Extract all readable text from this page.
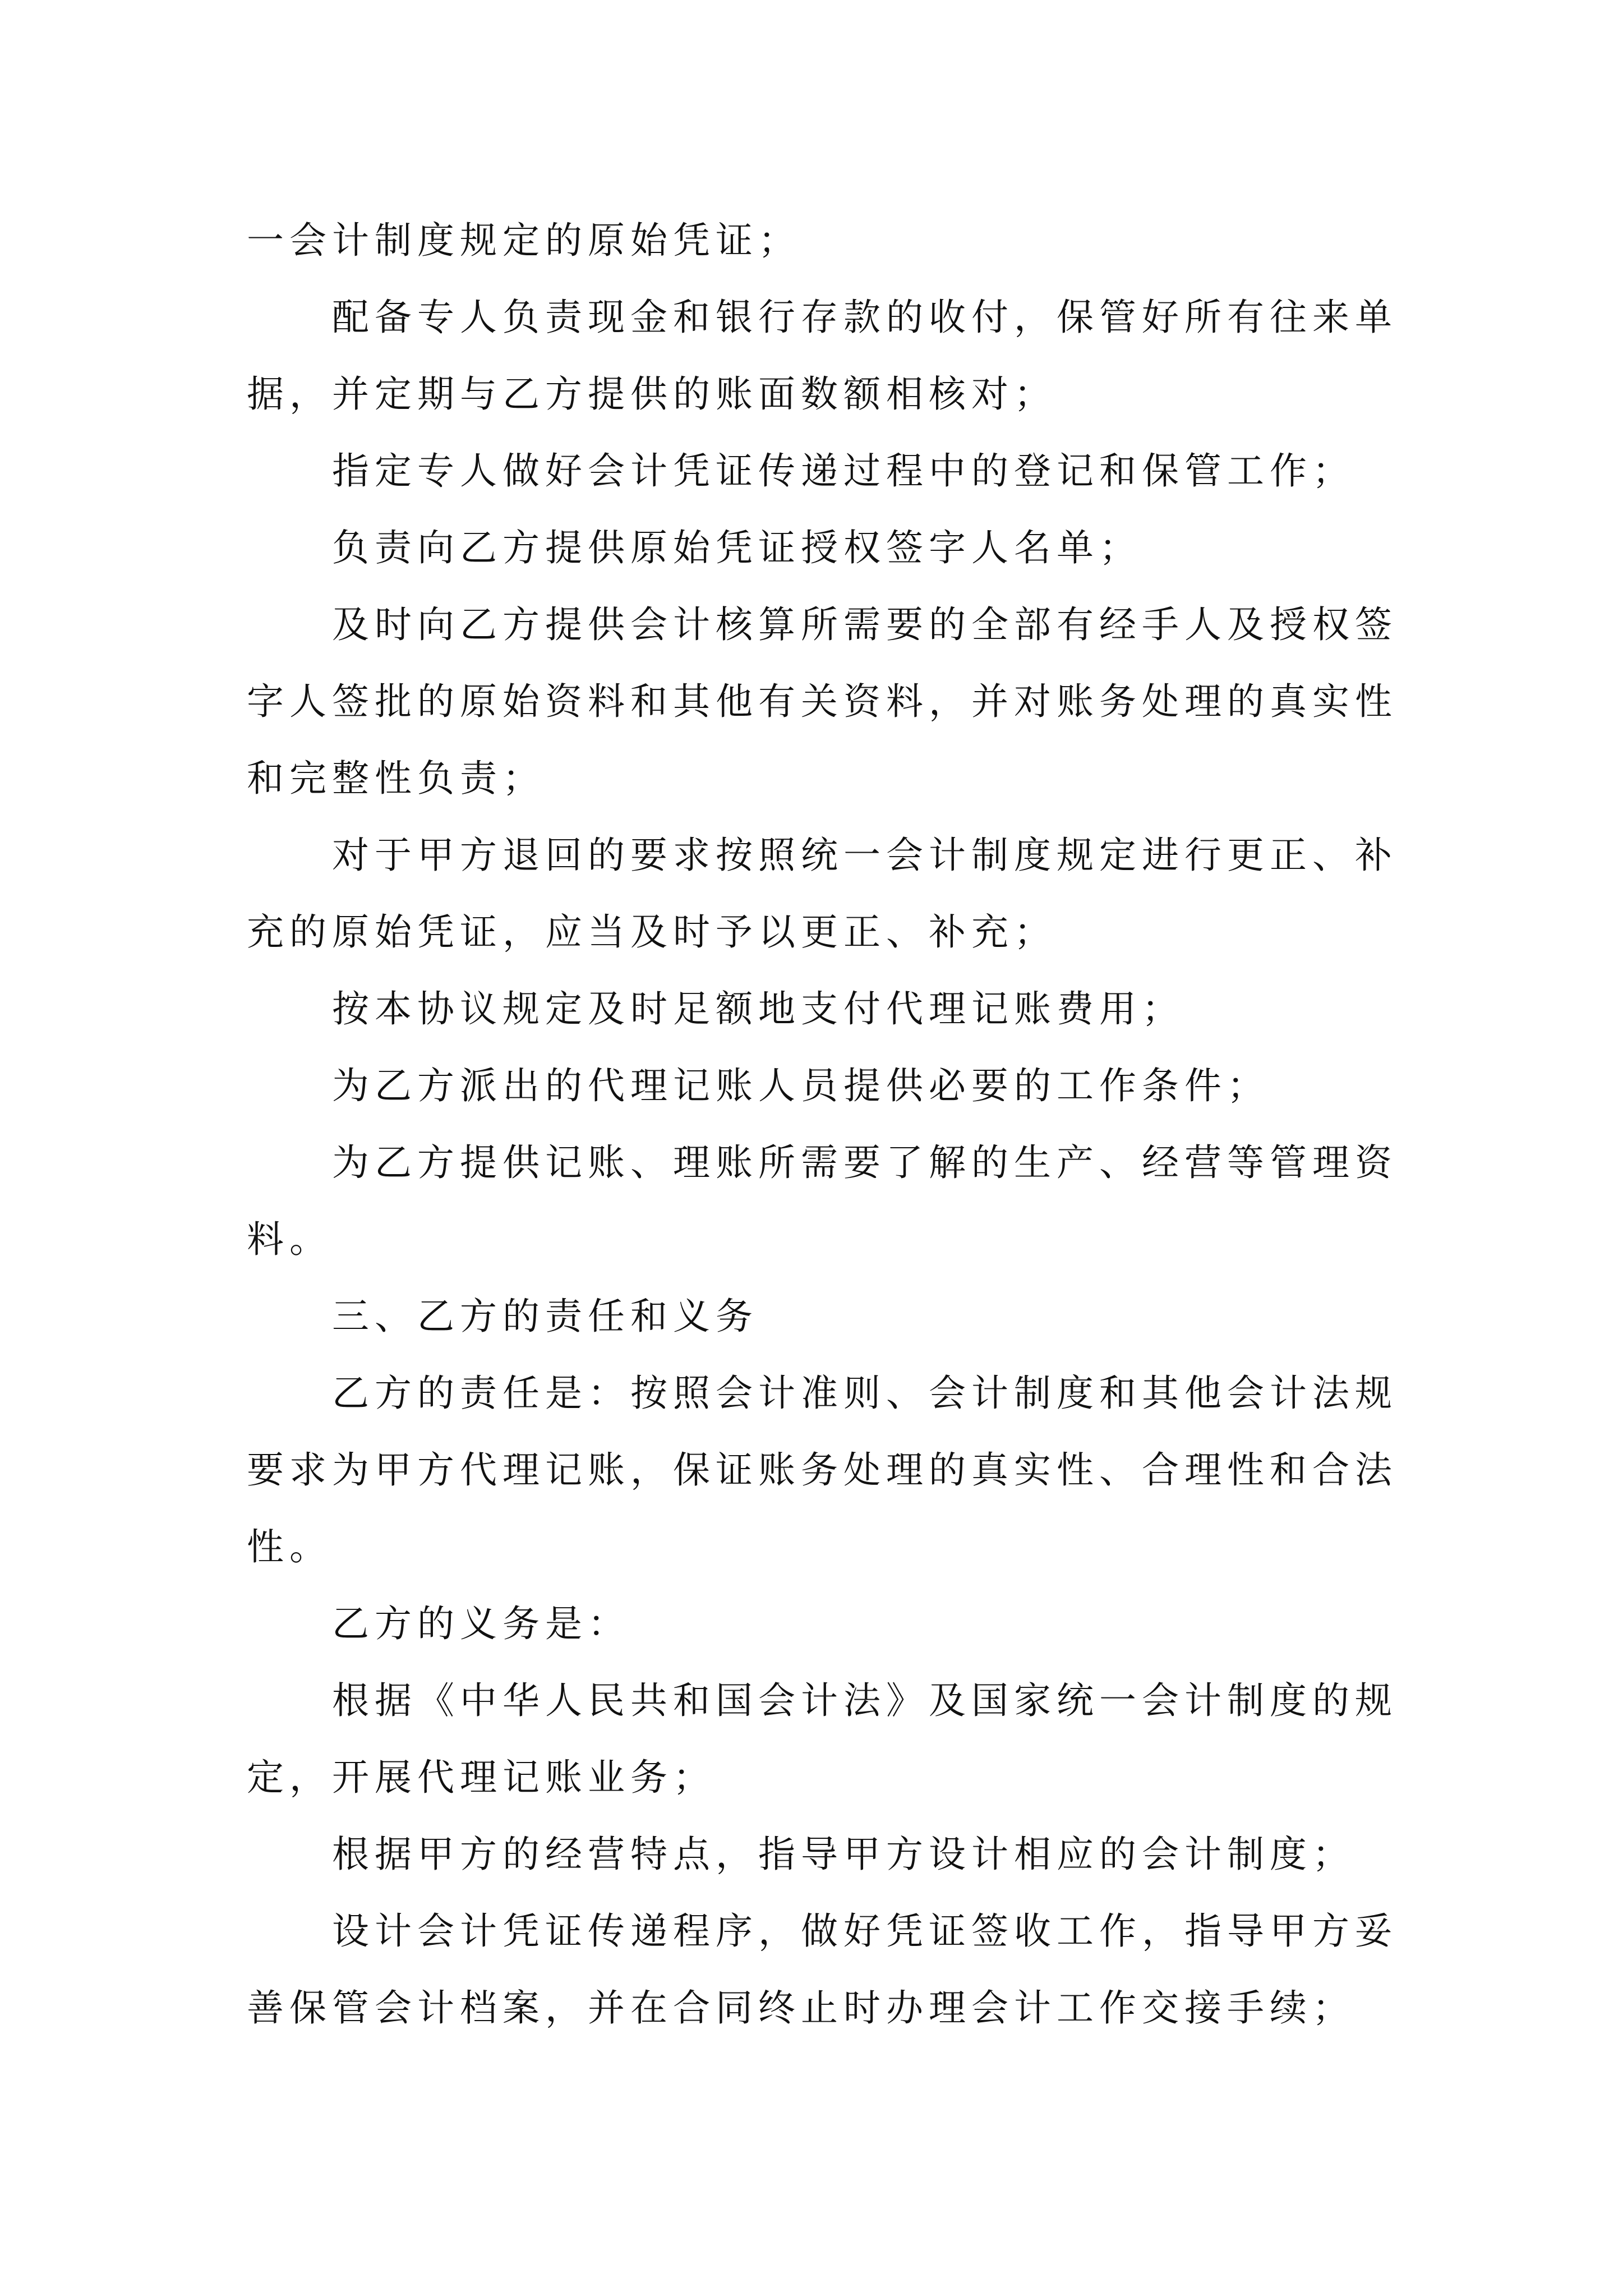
一会计制度规定的原始凭证；

配备专人负责现金和银行存款的收付，保管好所有往来单据，并定期与乙方提供的账面数额相核对；

指定专人做好会计凭证传递过程中的登记和保管工作；

负责向乙方提供原始凭证授权签字人名单；

及时向乙方提供会计核算所需要的全部有经手人及授权签字人签批的原始资料和其他有关资料，并对账务处理的真实性和完整性负责；

对于甲方退回的要求按照统一会计制度规定进行更正、补充的原始凭证，应当及时予以更正、补充；

按本协议规定及时足额地支付代理记账费用；

为乙方派出的代理记账人员提供必要的工作条件；

为乙方提供记账、理账所需要了解的生产、经营等管理资料。

三、乙方的责任和义务

乙方的责任是：按照会计准则、会计制度和其他会计法规要求为甲方代理记账，保证账务处理的真实性、合理性和合法性。

乙方的义务是：

根据《中华人民共和国会计法》及国家统一会计制度的规定，开展代理记账业务；

根据甲方的经营特点，指导甲方设计相应的会计制度；

设计会计凭证传递程序，做好凭证签收工作，指导甲方妥善保管会计档案，并在合同终止时办理会计工作交接手续；
